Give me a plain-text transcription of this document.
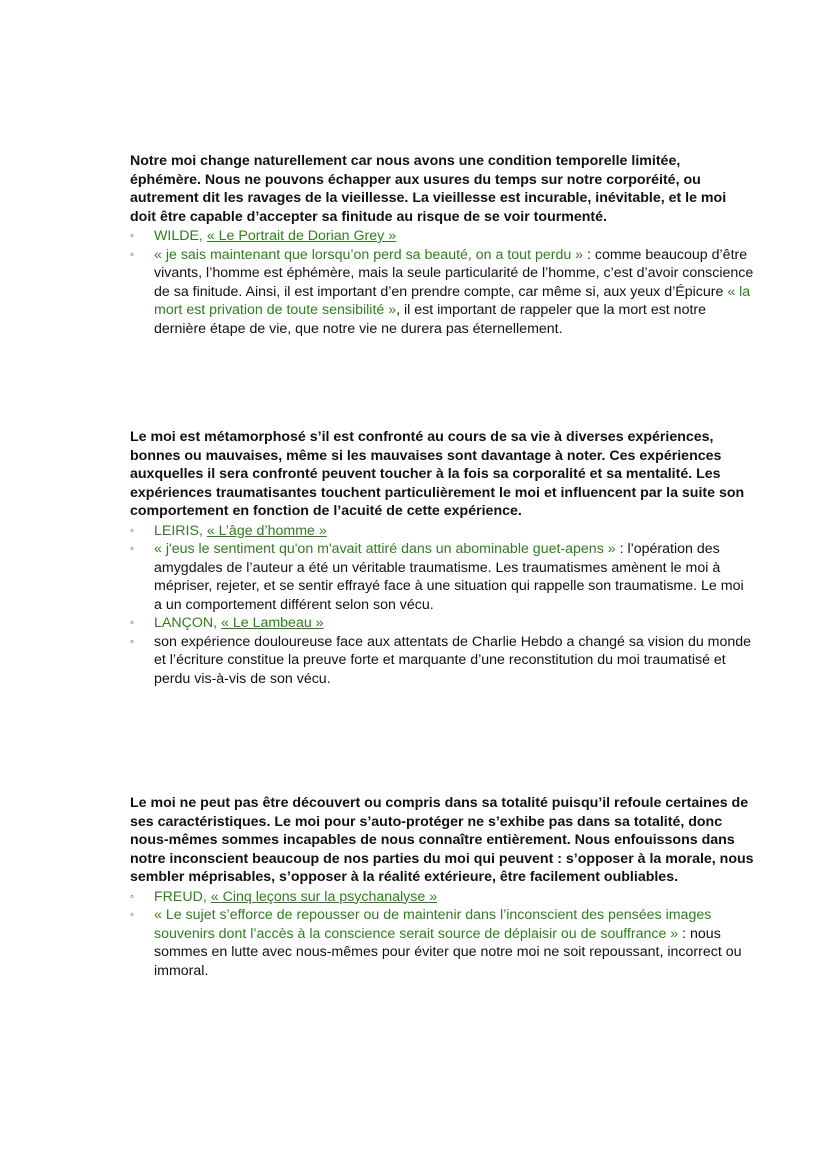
Notre moi change naturellement car nous avons une condition temporelle limitée, éphémère. Nous ne pouvons échapper aux usures du temps sur notre corporéité, ou autrement dit les ravages de la vieillesse. La vieillesse est incurable, inévitable, et le moi doit être capable d’accepter sa finitude au risque de se voir tourmenté.

◦ WILDE, « Le Portrait de Dorian Grey »
◦ « je sais maintenant que lorsqu’on perd sa beauté, on a tout perdu » : comme beaucoup d’être vivants, l’homme est éphémère, mais la seule particularité de l’homme, c’est d’avoir conscience de sa finitude. Ainsi, il est important d’en prendre compte, car même si, aux yeux d’Épicure « la mort est privation de toute sensibilité », il est important de rappeler que la mort est notre dernière étape de vie, que notre vie ne durera pas éternellement.

Le moi est métamorphosé s’il est confronté au cours de sa vie à diverses expériences, bonnes ou mauvaises, même si les mauvaises sont davantage à noter. Ces expériences auxquelles il sera confronté peuvent toucher à la fois sa corporalité et sa mentalité. Les expériences traumatisantes touchent particulièrement le moi et influencent par la suite son comportement en fonction de l’acuité de cette expérience.

◦ LEIRIS, « L’âge d’homme »
◦ « j'eus le sentiment qu'on m'avait attiré dans un abominable guet-apens » : l’opération des amygdales de l’auteur a été un véritable traumatisme. Les traumatismes amènent le moi à mépriser, rejeter, et se sentir effrayé face à une situation qui rappelle son traumatisme. Le moi a un comportement différent selon son vécu.
◦ LANÇON, « Le Lambeau »
◦ son expérience douloureuse face aux attentats de Charlie Hebdo a changé sa vision du monde et l’écriture constitue la preuve forte et marquante d’une reconstitution du moi traumatisé et perdu vis-à-vis de son vécu.

Le moi ne peut pas être découvert ou compris dans sa totalité puisqu’il refoule certaines de ses caractéristiques. Le moi pour s’auto-protéger ne s’exhibe pas dans sa totalité, donc nous-mêmes sommes incapables de nous connaître entièrement. Nous enfouissons dans notre inconscient beaucoup de nos parties du moi qui peuvent : s’opposer à la morale, nous sembler méprisables, s’opposer à la réalité extérieure, être facilement oubliables.

◦ FREUD, « Cinq leçons sur la psychanalyse »
◦ « Le sujet s’efforce de repousser ou de maintenir dans l’inconscient des pensées images souvenirs dont l’accès à la conscience serait source de déplaisir ou de souffrance » : nous sommes en lutte avec nous-mêmes pour éviter que notre moi ne soit repoussant, incorrect ou immoral.
